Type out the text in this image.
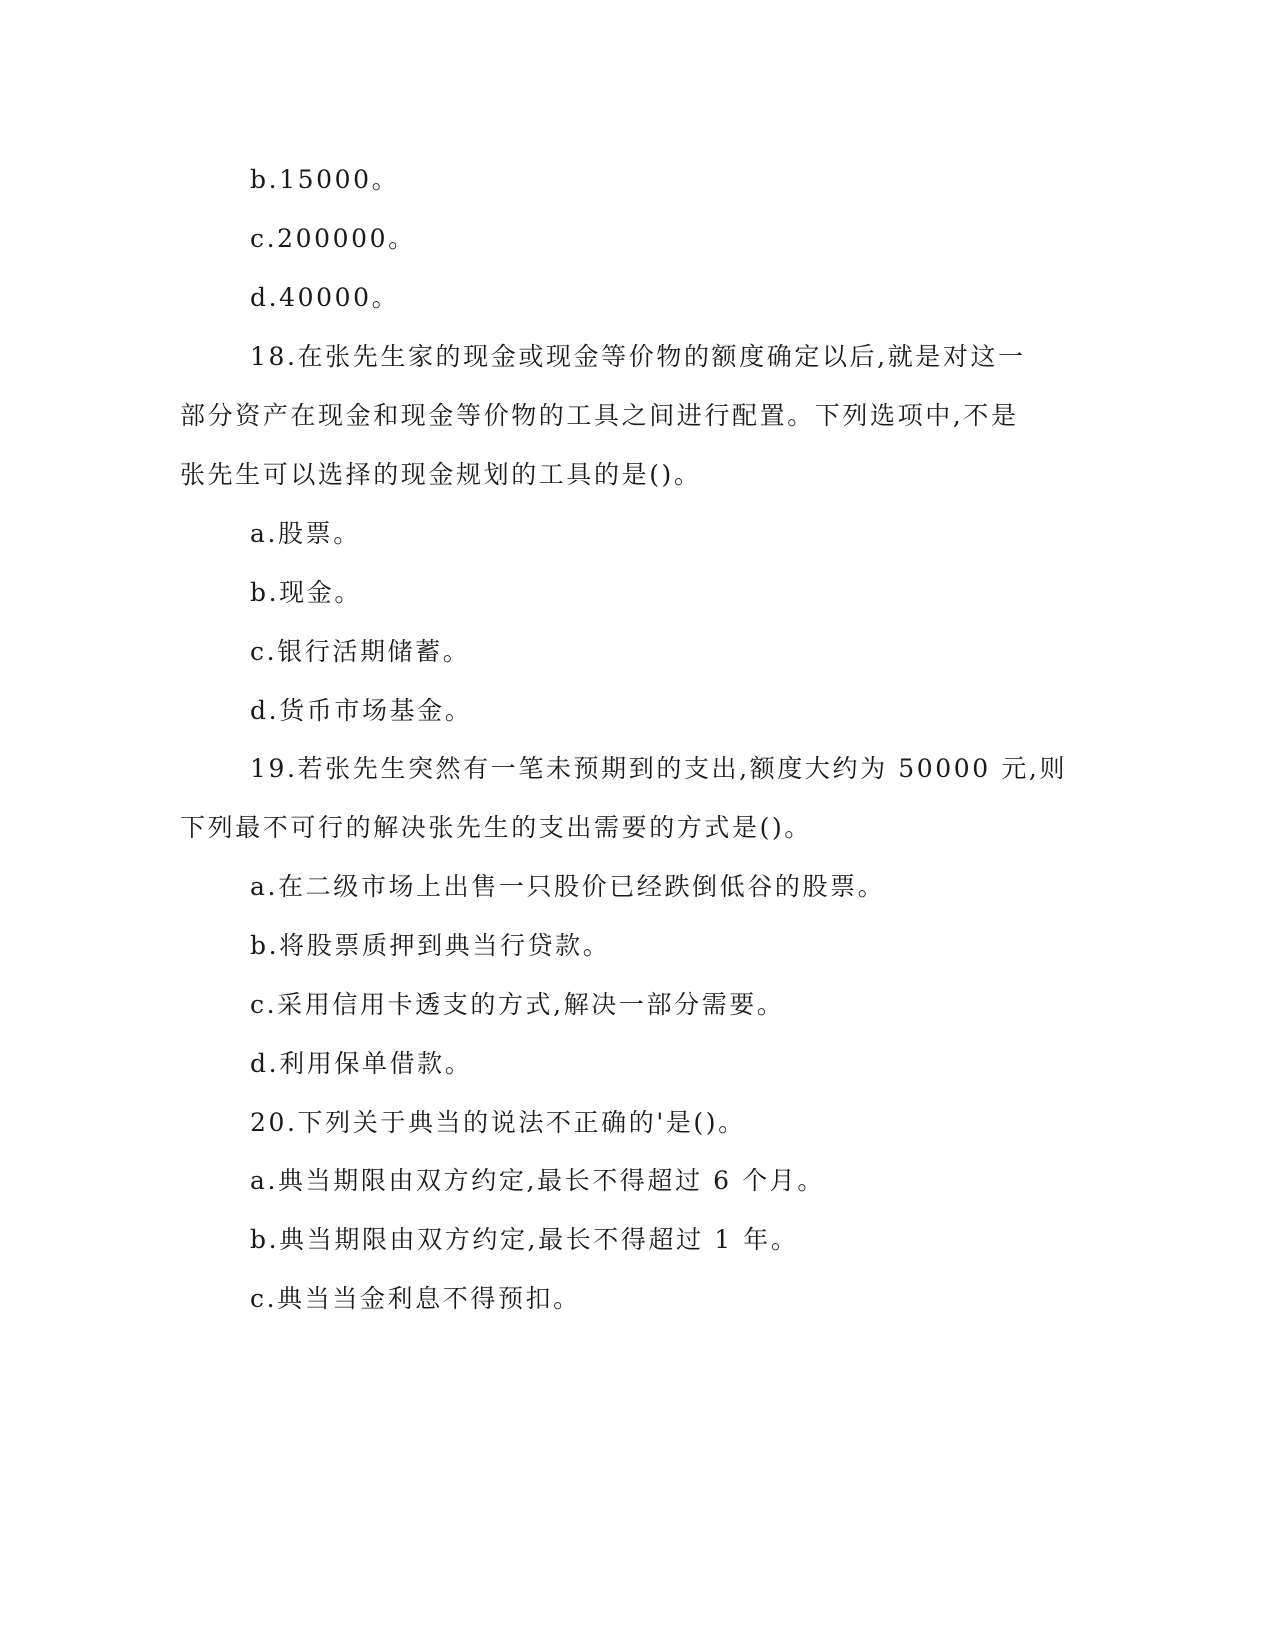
b.15000。
c.200000。
d.40000。
18.在张先生家的现金或现金等价物的额度确定以后,就是对这一
部分资产在现金和现金等价物的工具之间进行配置。下列选项中,不是
张先生可以选择的现金规划的工具的是()。
a.股票。
b.现金。
c.银行活期储蓄。
d.货币市场基金。
19.若张先生突然有一笔未预期到的支出,额度大约为 50000 元,则
下列最不可行的解决张先生的支出需要的方式是()。
a.在二级市场上出售一只股价已经跌倒低谷的股票。
b.将股票质押到典当行贷款。
c.采用信用卡透支的方式,解决一部分需要。
d.利用保单借款。
20.下列关于典当的说法不正确的'是()。
a.典当期限由双方约定,最长不得超过 6 个月。
b.典当期限由双方约定,最长不得超过 1 年。
c.典当当金利息不得预扣。
